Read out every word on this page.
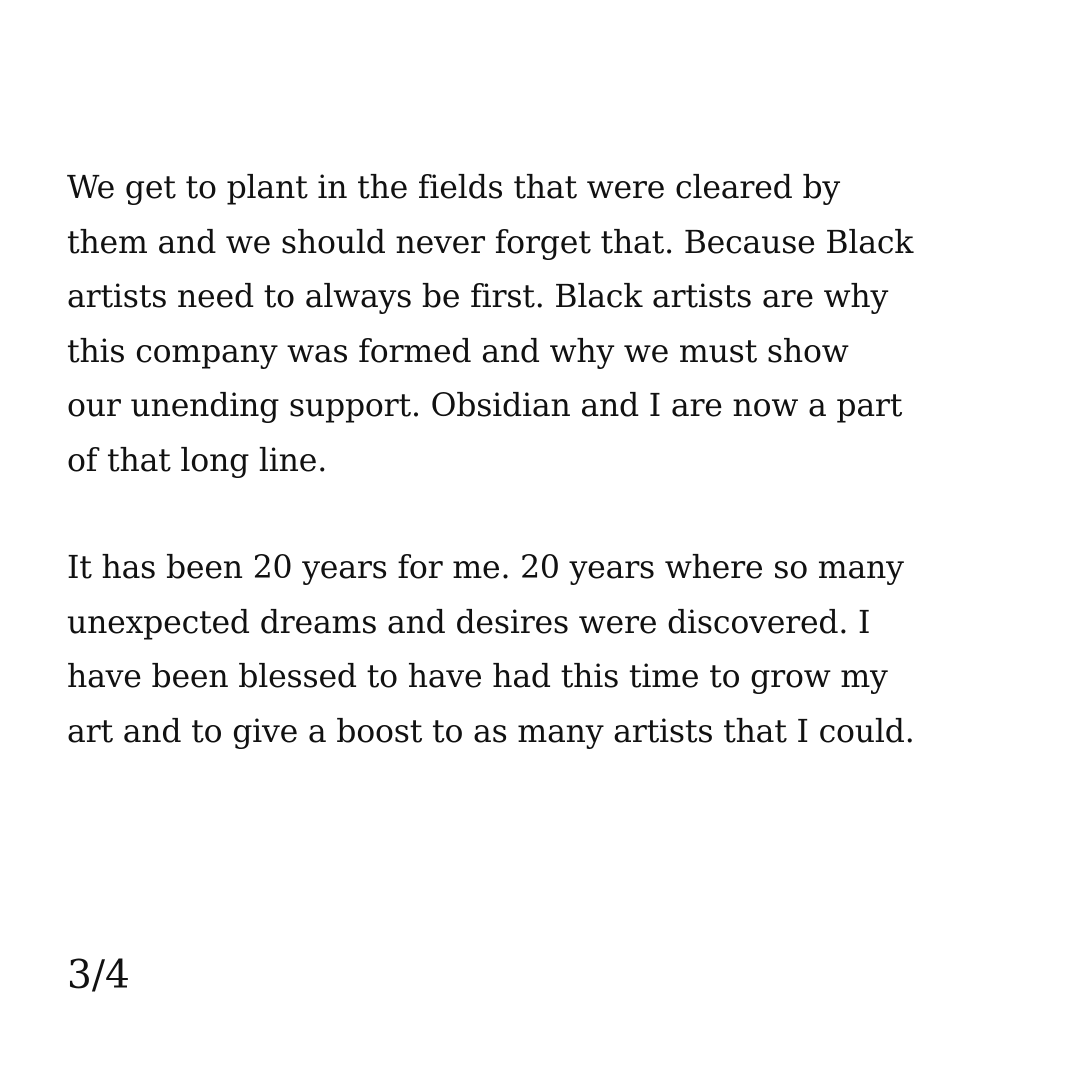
We get to plant in the fields that were cleared by
them and we should never forget that. Because Black
artists need to always be first. Black artists are why
this company was formed and why we must show
our unending support. Obsidian and I are now a part
of that long line.

It has been 20 years for me. 20 years where so many
unexpected dreams and desires were discovered. I
have been blessed to have had this time to grow my
art and to give a boost to as many artists that I could.

3/4
